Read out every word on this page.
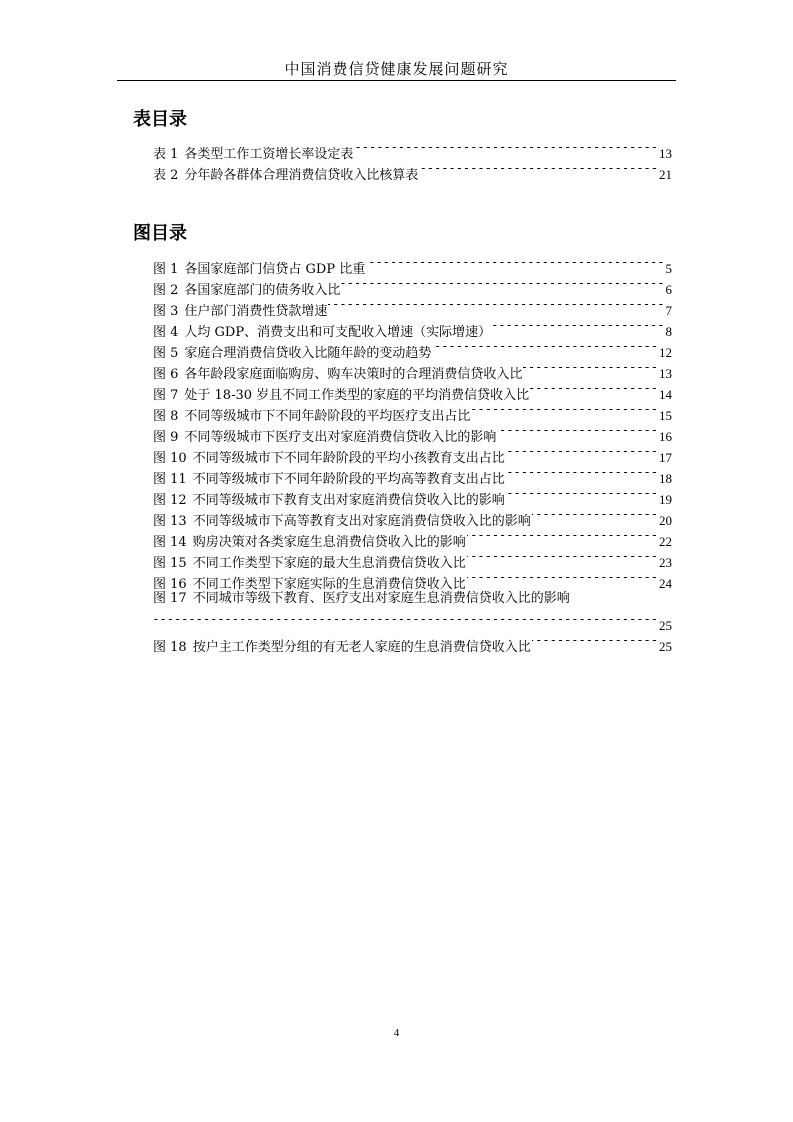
中国消费信贷健康发展问题研究
表目录
表 1 各类型工作工资增长率设定表 -----	13
表 2 分年龄各群体合理消费信贷收入比核算表 -----	21
图目录
图 1 各国家庭部门信贷占 GDP 比重 -----	5
图 2 各国家庭部门的债务收入比 -----	6
图 3 住户部门消费性贷款增速 -----	7
图 4 人均 GDP、消费支出和可支配收入增速（实际增速） -----	8
图 5 家庭合理消费信贷收入比随年龄的变动趋势 -----	12
图 6 各年龄段家庭面临购房、购车决策时的合理消费信贷收入比 -----	13
图 7 处于 18-30 岁且不同工作类型的家庭的平均消费信贷收入比 -----	14
图 8 不同等级城市下不同年龄阶段的平均医疗支出占比 -----	15
图 9 不同等级城市下医疗支出对家庭消费信贷收入比的影响 -----	16
图 10 不同等级城市下不同年龄阶段的平均小孩教育支出占比 -----	17
图 11 不同等级城市下不同年龄阶段的平均高等教育支出占比 -----	18
图 12 不同等级城市下教育支出对家庭消费信贷收入比的影响 -----	19
图 13 不同等级城市下高等教育支出对家庭消费信贷收入比的影响 -----	20
图 14 购房决策对各类家庭生息消费信贷收入比的影响 -----	22
图 15 不同工作类型下家庭的最大生息消费信贷收入比 -----	23
图 16 不同工作类型下家庭实际的生息消费信贷收入比 -----	24
图 17 不同城市等级下教育、医疗支出对家庭生息消费信贷收入比的影响
-----
25
图 18 按户主工作类型分组的有无老人家庭的生息消费信贷收入比 -----	25
4
